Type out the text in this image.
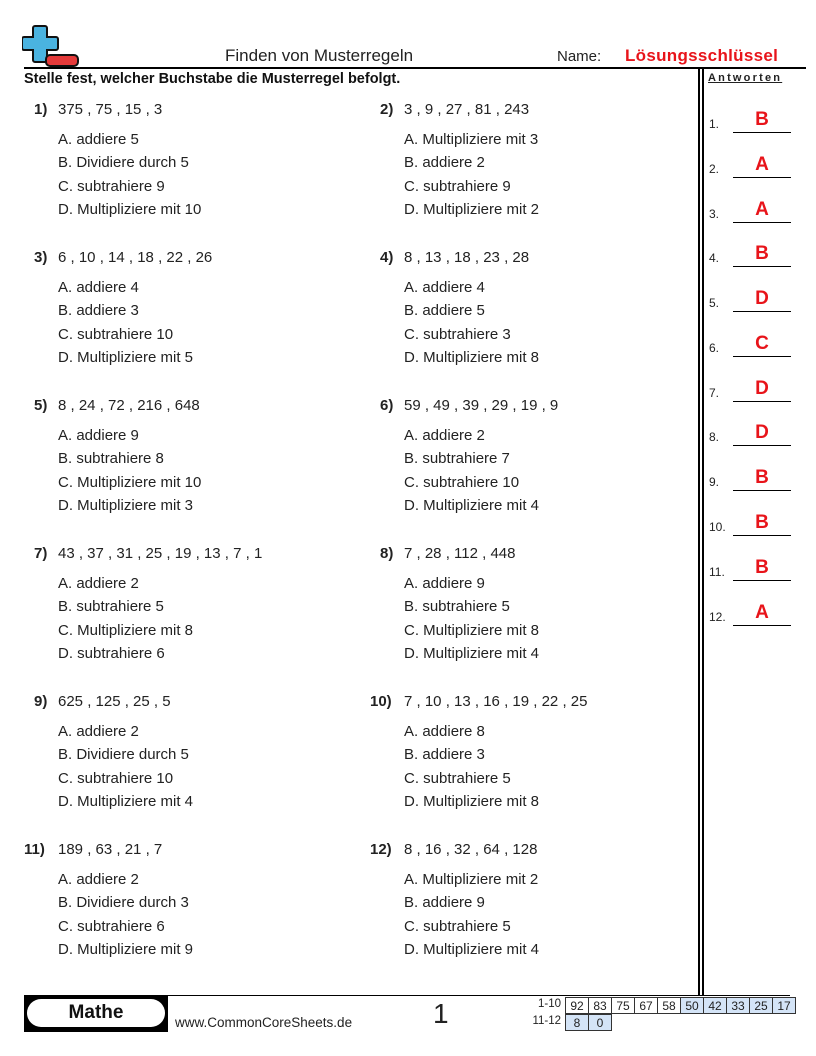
Finden von Musterregeln	Name: Lösungsschlüssel
Stelle fest, welcher Buchstabe die Musterregel befolgt.	Antworten
1) 375 , 75 , 15 , 3
A. addiere 5
B. Dividiere durch 5
C. subtrahiere 9
D. Multipliziere mit 10
2) 3 , 9 , 27 , 81 , 243
A. Multipliziere mit 3
B. addiere 2
C. subtrahiere 9
D. Multipliziere mit 2
3) 6 , 10 , 14 , 18 , 22 , 26
A. addiere 4
B. addiere 3
C. subtrahiere 10
D. Multipliziere mit 5
4) 8 , 13 , 18 , 23 , 28
A. addiere 4
B. addiere 5
C. subtrahiere 3
D. Multipliziere mit 8
5) 8 , 24 , 72 , 216 , 648
A. addiere 9
B. subtrahiere 8
C. Multipliziere mit 10
D. Multipliziere mit 3
6) 59 , 49 , 39 , 29 , 19 , 9
A. addiere 2
B. subtrahiere 7
C. subtrahiere 10
D. Multipliziere mit 4
7) 43 , 37 , 31 , 25 , 19 , 13 , 7 , 1
A. addiere 2
B. subtrahiere 5
C. Multipliziere mit 8
D. subtrahiere 6
8) 7 , 28 , 112 , 448
A. addiere 9
B. subtrahiere 5
C. Multipliziere mit 8
D. Multipliziere mit 4
9) 625 , 125 , 25 , 5
A. addiere 2
B. Dividiere durch 5
C. subtrahiere 10
D. Multipliziere mit 4
10) 7 , 10 , 13 , 16 , 19 , 22 , 25
A. addiere 8
B. addiere 3
C. subtrahiere 5
D. Multipliziere mit 8
11) 189 , 63 , 21 , 7
A. addiere 2
B. Dividiere durch 3
C. subtrahiere 6
D. Multipliziere mit 9
12) 8 , 16 , 32 , 64 , 128
A. Multipliziere mit 2
B. addiere 9
C. subtrahiere 5
D. Multipliziere mit 4
1.	B
2.	A
3.	A
4.	B
5.	D
6.	C
7.	D
8.	D
9.	B
10.	B
11.	B
12.	A
Mathe	www.CommonCoreSheets.de	1	1-10 92	83	75	67	58	50	42	33	25	17
11-12 8	0
